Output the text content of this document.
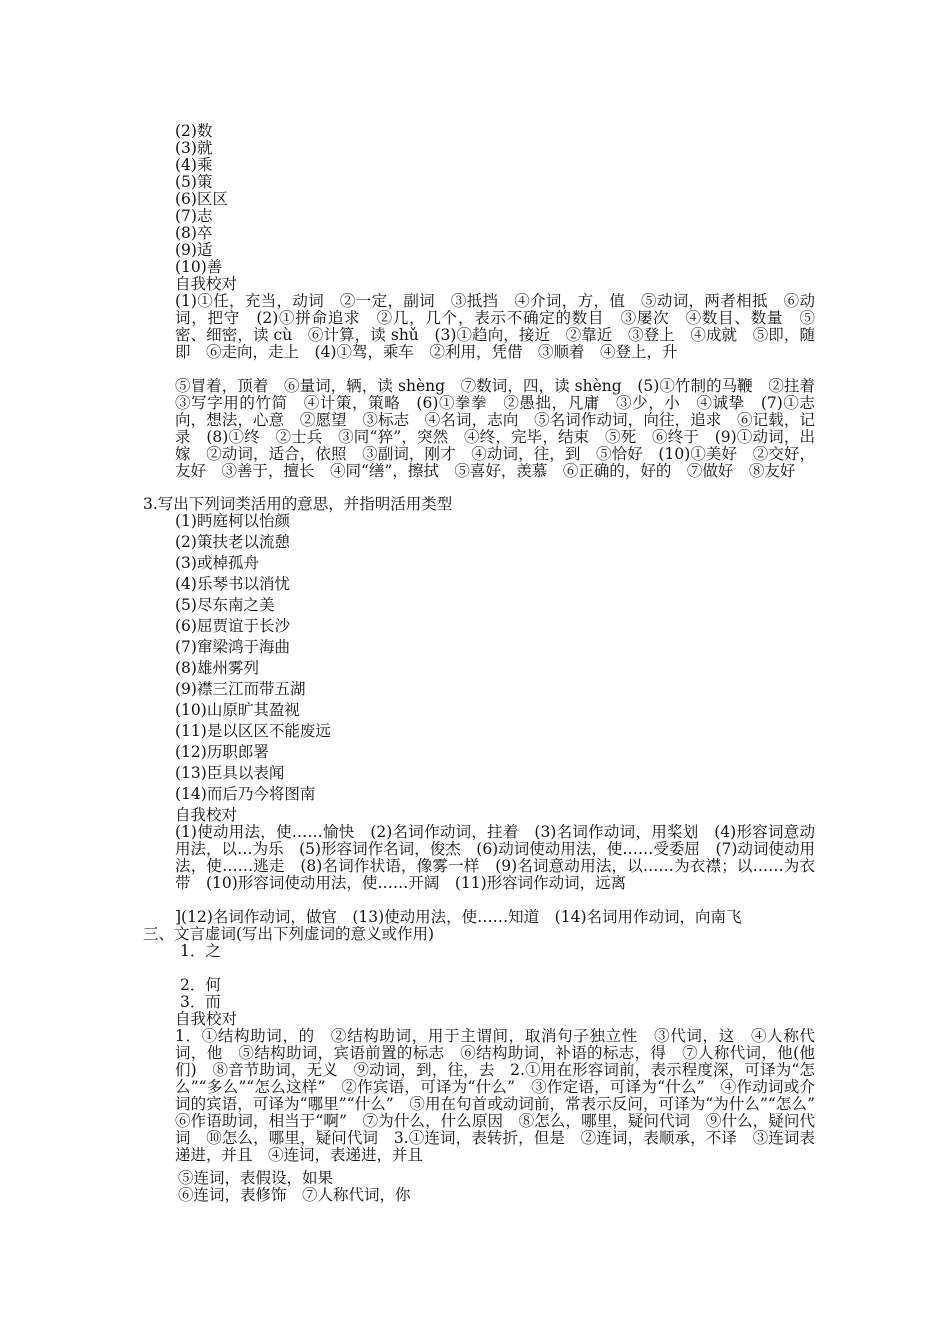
(2)数
(3)就
(4)乘
(5)策
(6)区区
(7)志
(8)卒
(9)适
(10)善
自我校对
(1)①任，充当，动词　②一定，副词　③抵挡　④介词，方，值　⑤动词，两者相抵　⑥动词，把守　(2)①拼命追求　②几，几个，表示不确定的数目　③屡次　④数目、数量　⑤密、细密，读 cù　⑥计算，读 shǔ　(3)①趋向，接近　②靠近　③登上　④成就　⑤即，随即　⑥走向，走上　(4)①驾，乘车　②利用，凭借　③顺着　④登上，升
⑤冒着，顶着　⑥量词，辆，读 shèng　⑦数词，四，读 shèng　(5)①竹制的马鞭　②拄着　③写字用的竹简　④计策，策略　(6)①拳拳　②愚拙，凡庸　③少，小　④诚挚　(7)①志向，想法，心意　②愿望　③标志　④名词，志向　⑤名词作动词，向往，追求　⑥记载，记录　(8)①终　②士兵　③同“猝”，突然　④终，完毕，结束　⑤死　⑥终于　(9)①动词，出嫁　②动词，适合，依照　③副词，刚才　④动词，往，到　⑤恰好　(10)①美好　②交好，友好　③善于，擅长　④同“缮”，擦拭　⑤喜好，羡慕　⑥正确的，好的　⑦做好　⑧友好
3.写出下列词类活用的意思，并指明活用类型
(1)眄庭柯以怡颜
(2)策扶老以流憩
(3)或棹孤舟
(4)乐琴书以消忧
(5)尽东南之美
(6)屈贾谊于长沙
(7)窜梁鸿于海曲
(8)雄州雾列
(9)襟三江而带五湖
(10)山原旷其盈视
(11)是以区区不能废远
(12)历职郎署
(13)臣具以表闻
(14)而后乃今将图南
自我校对
(1)使动用法，使……愉快　(2)名词作动词，拄着　(3)名词作动词，用桨划　(4)形容词意动用法，以…为乐　(5)形容词作名词，俊杰　(6)动词使动用法，使……受委屈　(7)动词使动用法，使……逃走　(8)名词作状语，像雾一样　(9)名词意动用法，以……为衣襟；以……为衣带　(10)形容词使动用法，使……开阔　(11)形容词作动词，远离
](12)名词作动词，做官　(13)使动用法，使……知道　(14)名词用作动词，向南飞
三、文言虚词(写出下列虚词的意义或作用)
1．之
2．何
3．而
自我校对
1．①结构助词，的　②结构助词，用于主谓间，取消句子独立性　③代词，这　④人称代词，他　⑤结构助词，宾语前置的标志　⑥结构助词，补语的标志，得　⑦人称代词，他(他们)　⑧音节助词，无义　⑨动词，到，往，去　2.①用在形容词前，表示程度深，可译为“怎么”“多么”“怎么这样”　②作宾语，可译为“什么”　③作定语，可译为“什么”　④作动词或介词的宾语，可译为“哪里”“什么”　⑤用在句首或动词前，常表示反问，可译为“为什么”“怎么”　⑥作语助词，相当于“啊”　⑦为什么，什么原因　⑧怎么，哪里，疑问代词　⑨什么，疑问代词　⑩怎么，哪里，疑问代词　3.①连词，表转折，但是　②连词，表顺承，不译　③连词表递进，并且　④连词，表递进，并且
⑤连词，表假设，如果
⑥连词，表修饰　⑦人称代词，你
